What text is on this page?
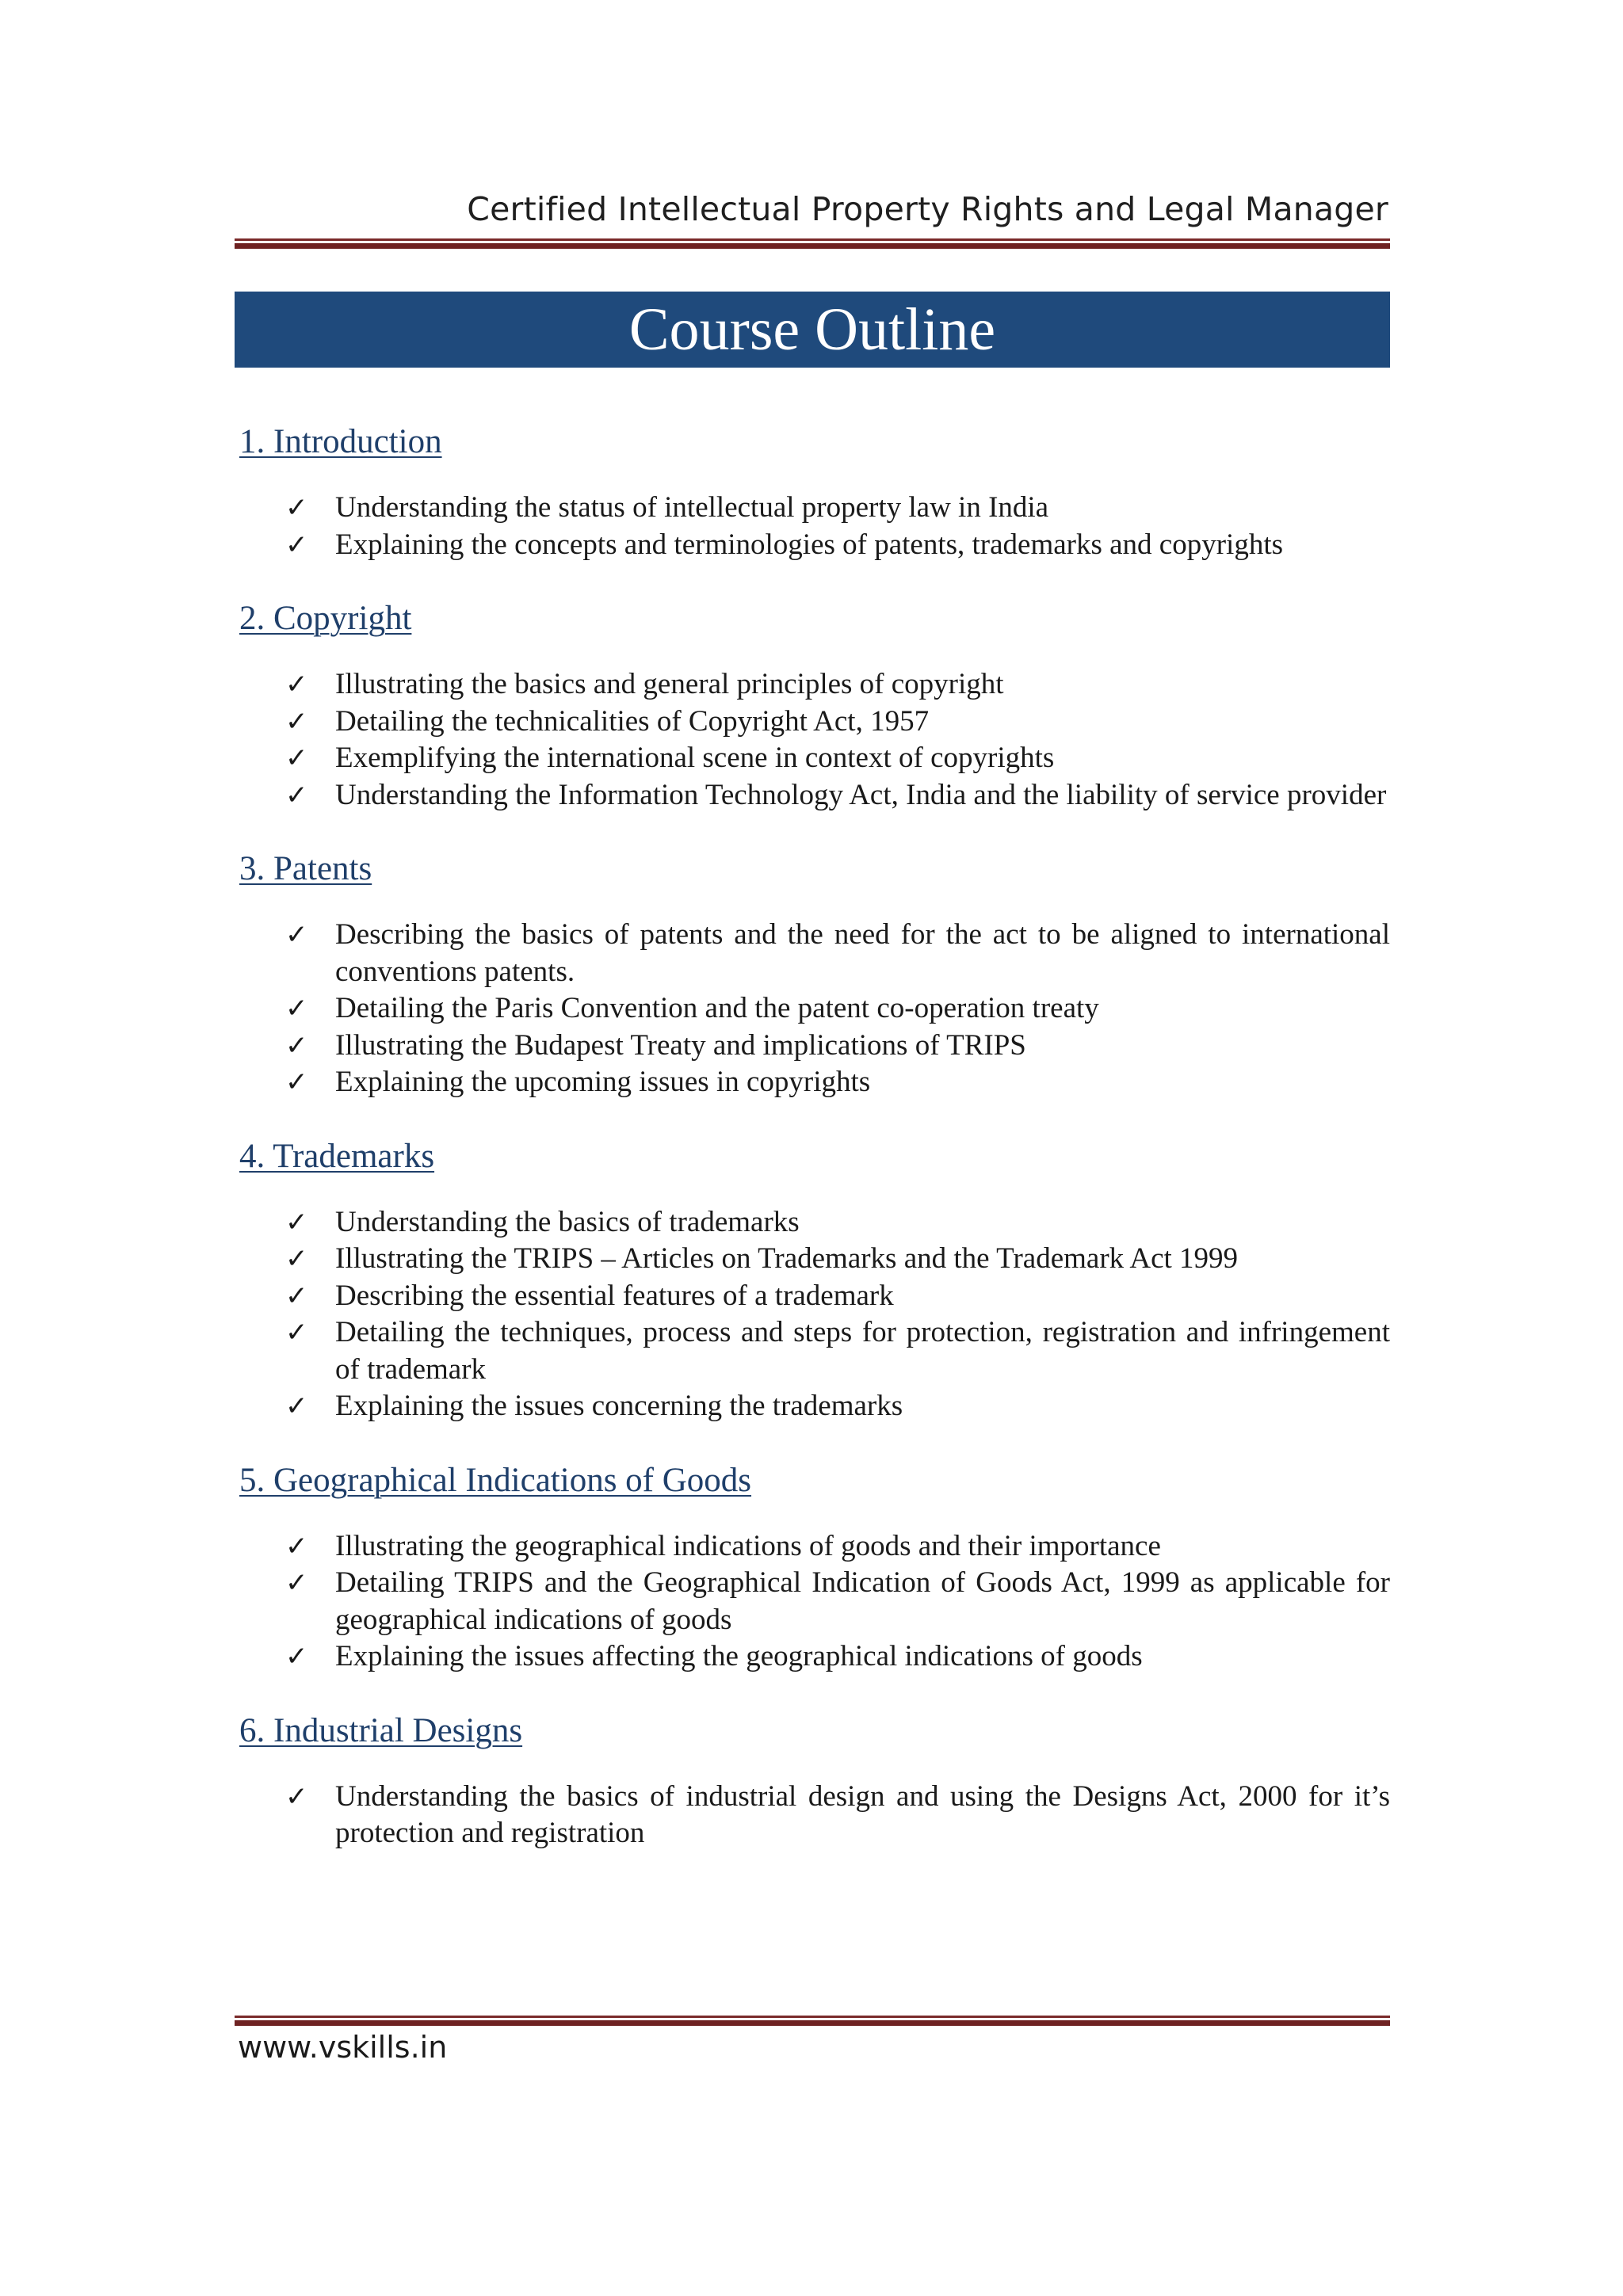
Certified Intellectual Property Rights and Legal Manager
Course Outline
1. Introduction
✓ Understanding the status of intellectual property law in India
✓ Explaining the concepts and terminologies of patents, trademarks and copyrights
2. Copyright
✓ Illustrating the basics and general principles of copyright
✓ Detailing the technicalities of Copyright Act, 1957
✓ Exemplifying the international scene in context of copyrights
✓ Understanding the Information Technology Act, India and the liability of service provider
3. Patents
✓ Describing the basics of patents and the need for the act to be aligned to international conventions patents.
✓ Detailing the Paris Convention and the patent co-operation treaty
✓ Illustrating the Budapest Treaty and implications of TRIPS
✓ Explaining the upcoming issues in copyrights
4. Trademarks
✓ Understanding the basics of trademarks
✓ Illustrating the TRIPS – Articles on Trademarks and the Trademark Act 1999
✓ Describing the essential features of a trademark
✓ Detailing the techniques, process and steps for protection, registration and infringement of trademark
✓ Explaining the issues concerning the trademarks
5. Geographical Indications of Goods
✓ Illustrating the geographical indications of goods and their importance
✓ Detailing TRIPS and the Geographical Indication of Goods Act, 1999 as applicable for geographical indications of goods
✓ Explaining the issues affecting the geographical indications of goods
6. Industrial Designs
✓ Understanding the basics of industrial design and using the Designs Act, 2000 for it’s protection and registration
www.vskills.in
